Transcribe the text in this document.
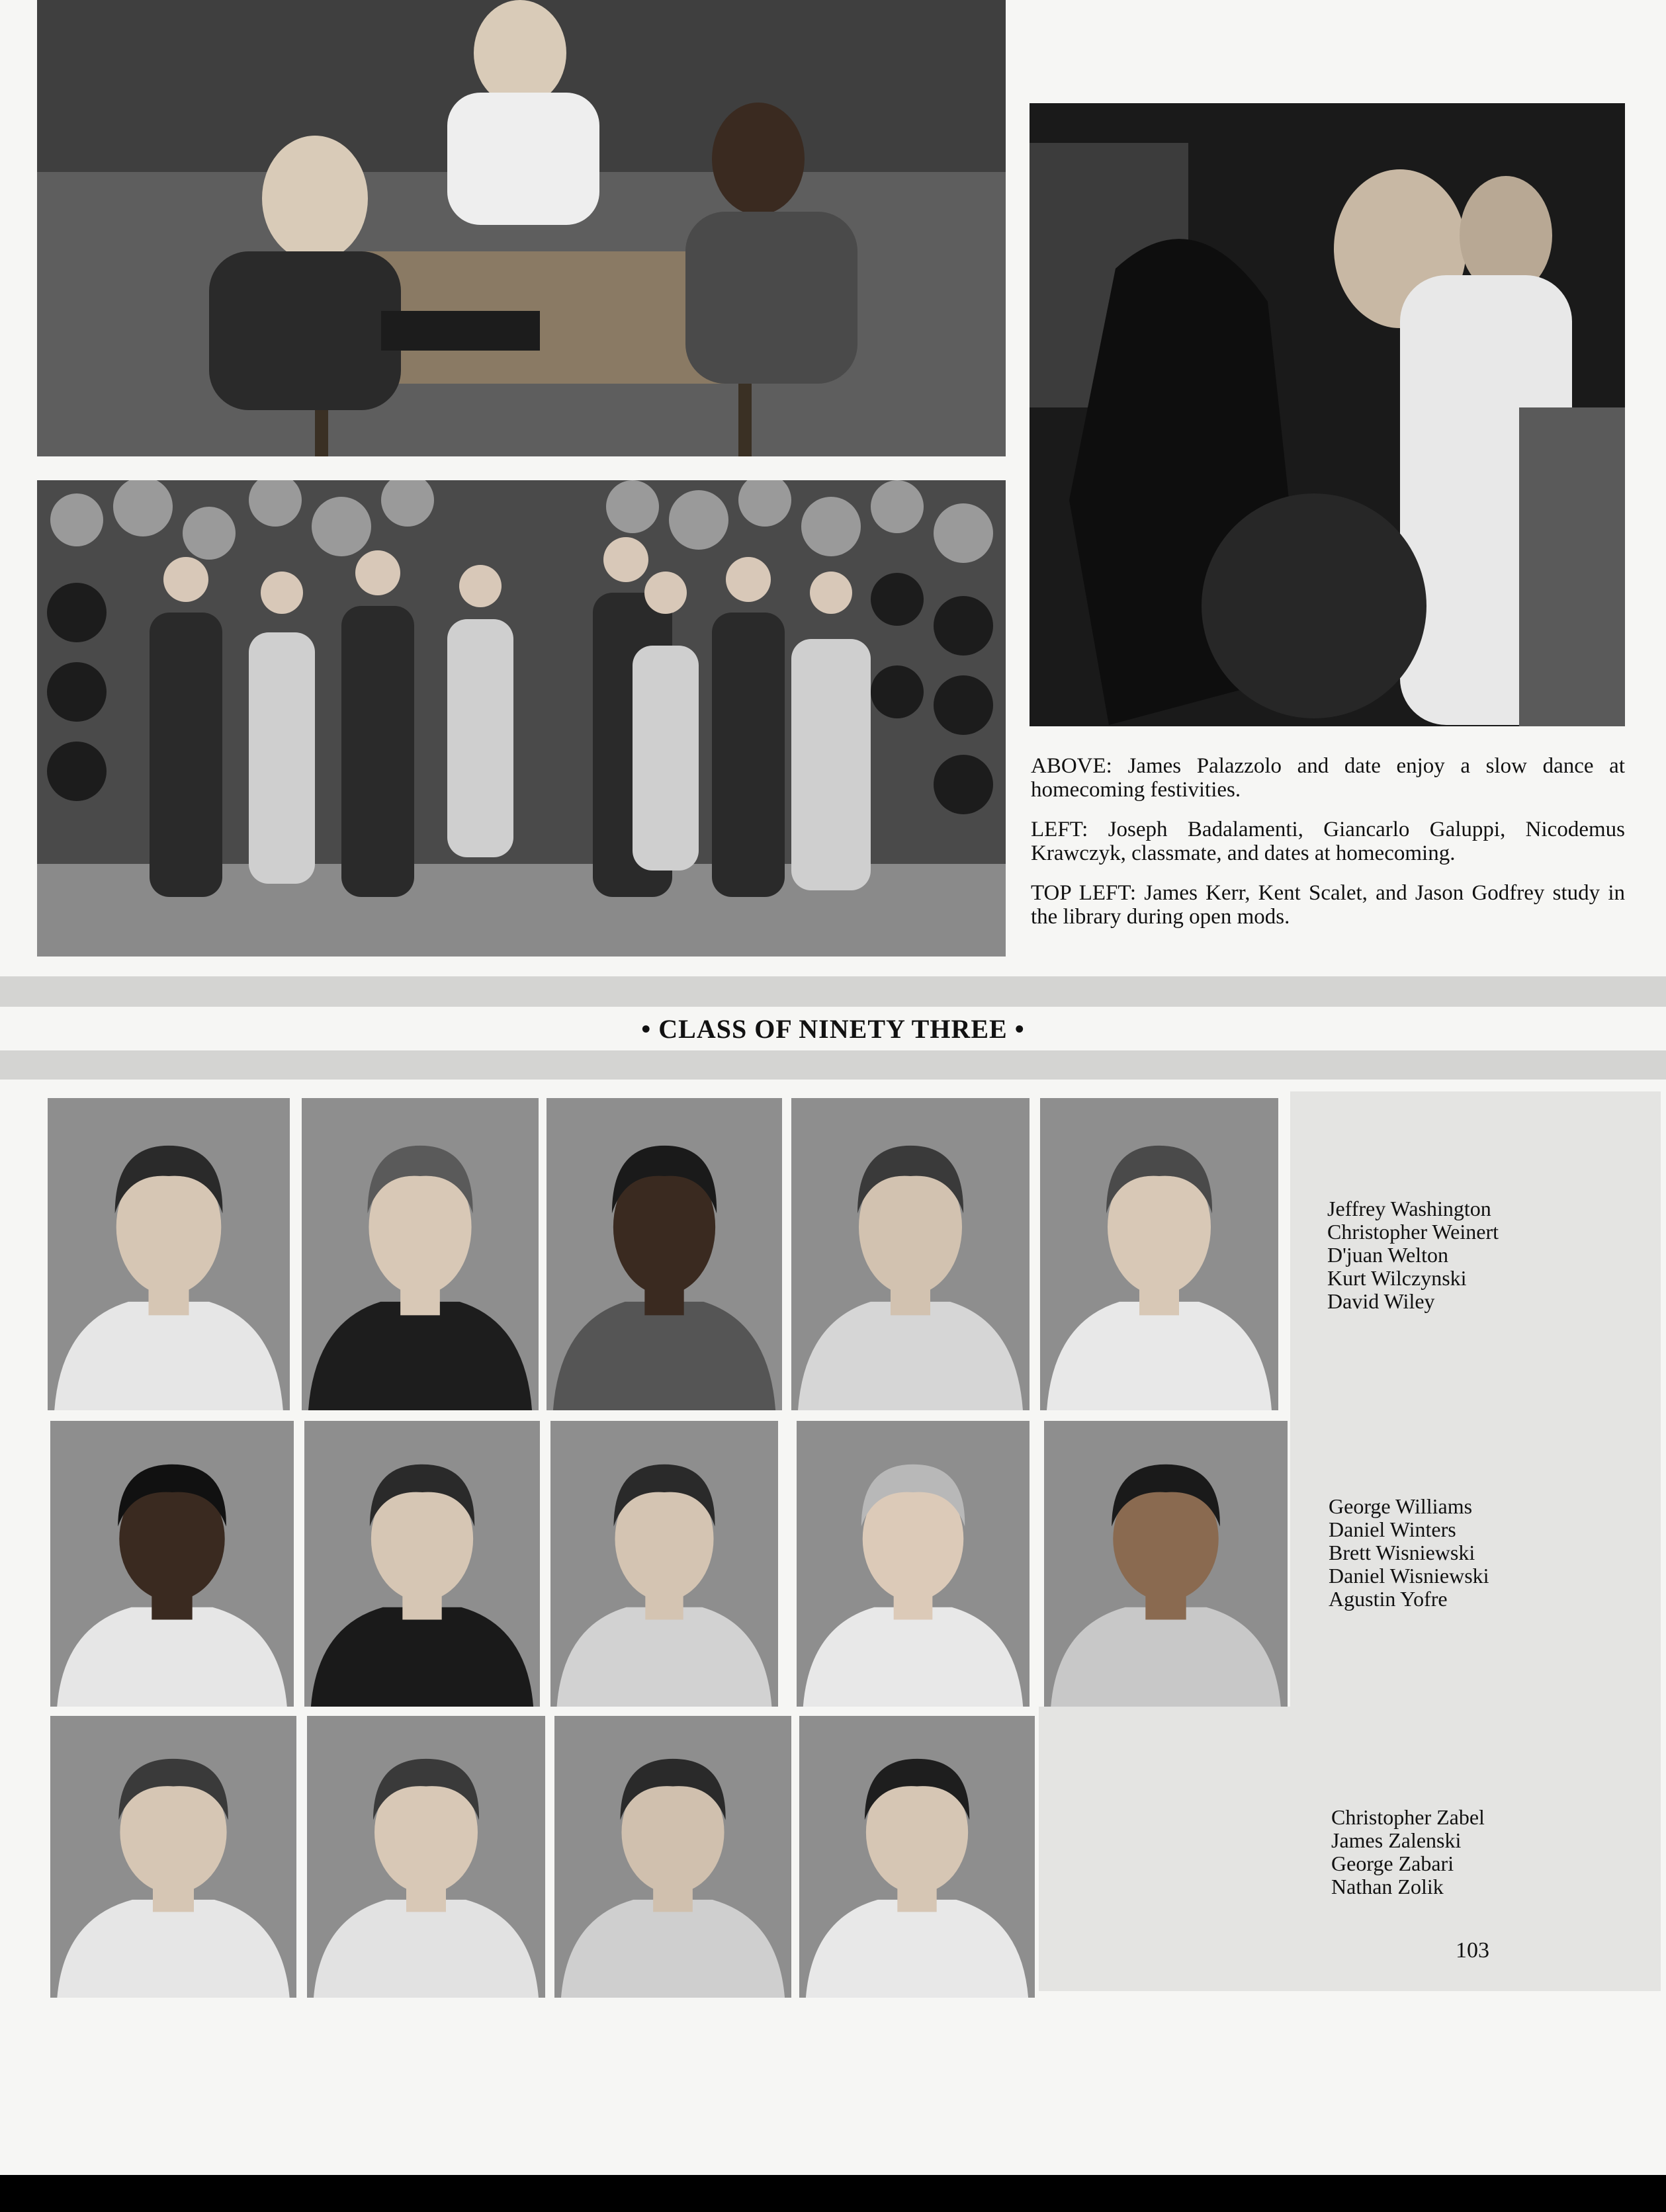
ABOVE: James Palazzolo and date enjoy a slow dance at homecoming festivities.

LEFT: Joseph Badalamenti, Giancarlo Galuppi, Nicodemus Krawczyk, classmate, and dates at homecoming.

TOP LEFT: James Kerr, Kent Scalet, and Jason Godfrey study in the library during open mods.

• CLASS OF NINETY THREE •
Jeffrey Washington
Christopher Weinert
D'juan Welton
Kurt Wilczynski
David Wiley
George Williams
Daniel Winters
Brett Wisniewski
Daniel Wisniewski
Agustin Yofre
Christopher Zabel
James Zalenski
George Zabari
Nathan Zolik
103
